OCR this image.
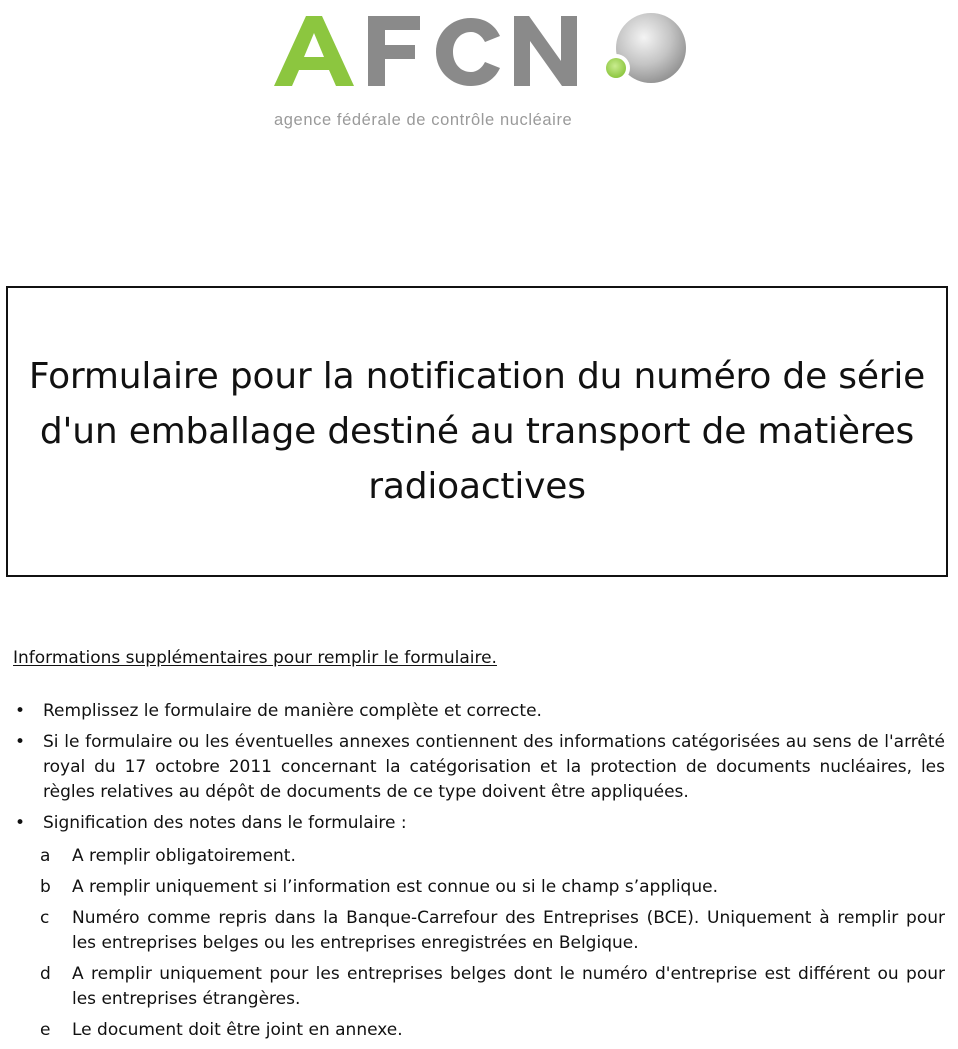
agence fédérale de contrôle nucléaire
Formulaire pour la notification du numéro de série d'un emballage destiné au transport de matières radioactives
Informations supplémentaires pour remplir le formulaire.
• Remplissez le formulaire de manière complète et correcte.
• Si le formulaire ou les éventuelles annexes contiennent des informations catégorisées au sens de l'arrêté royal du 17 octobre 2011 concernant la catégorisation et la protection de documents nucléaires, les règles relatives au dépôt de documents de ce type doivent être appliquées.
• Signification des notes dans le formulaire :
a A remplir obligatoirement.
b A remplir uniquement si l’information est connue ou si le champ s’applique.
c Numéro comme repris dans la Banque-Carrefour des Entreprises (BCE). Uniquement à remplir pour les entreprises belges ou les entreprises enregistrées en Belgique.
d A remplir uniquement pour les entreprises belges dont le numéro d'entreprise est différent ou pour les entreprises étrangères.
e Le document doit être joint en annexe.
